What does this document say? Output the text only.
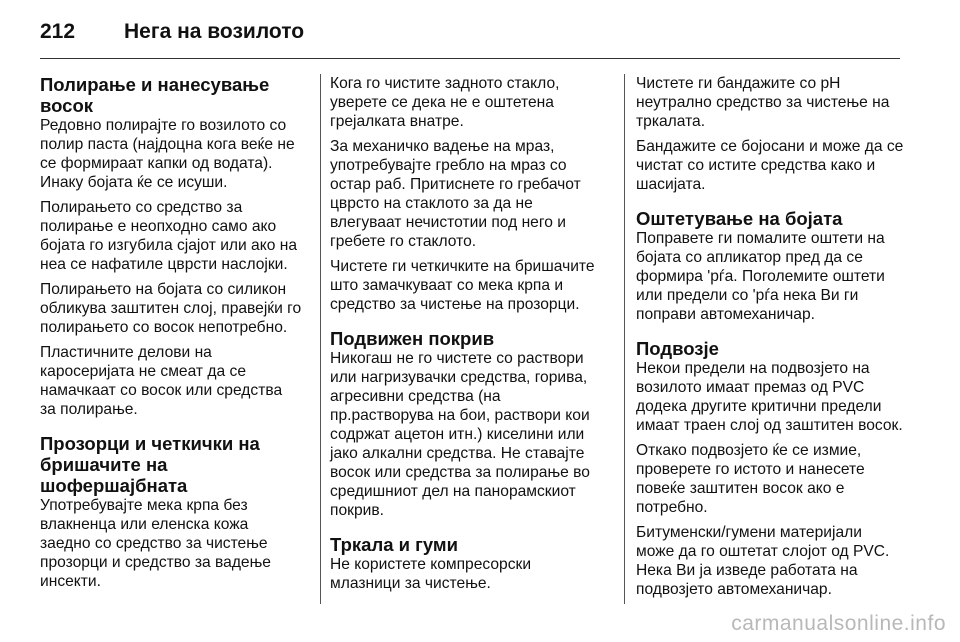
212	Нега на возилото
Полирање и нанесување восок

Редовно полирајте го возилото со полир паста (најдоцна кога веќе не се формираат капки од водата). Инаку бојата ќе се исуши.

Полирањето со средство за полирање е неопходно само ако бојата го изгубила сјајот или ако на неа се нафатиле цврсти наслојки.

Полирањето на бојата со силикон обликува заштитен слој, правејќи го полирањето со восок непотребно.

Пластичните делови на каросеријата не смеат да се намачкаат со восок или средства за полирање.

Прозорци и четкички на бришачите на шофершајбната

Употребувајте мека крпа без влакненца или еленска кожа заедно со средство за чистење прозорци и средство за вадење инсекти.

Кога го чистите задното стакло, уверете се дека не е оштетена грејалката внатре.

За механичко вадење на мраз, употребувајте гребло на мраз со остар раб. Притиснете го гребачот цврсто на стаклото за да не влегуваат нечистотии под него и гребете го стаклото.

Чистете ги четкичките на бришачите што замачкуваат со мека крпа и средство за чистење на прозорци.

Подвижен покрив

Никогаш не го чистете со раствори или нагризувачки средства, горива, агресивни средства (на пр.растворува на бои, раствори кои содржат ацетон итн.) киселини или јако алкални средства. Не ставајте восок или средства за полирање во средишниот дел на панорамскиот покрив.

Тркала и гуми

Не користете компресорски млазници за чистење.

Чистете ги бандажите со pH неутрално средство за чистење на тркалата.

Бандажите се бојосани и може да се чистат со истите средства како и шасијата.

Оштетување на бојата

Поправете ги помалите оштети на бојата со апликатор пред да се формира 'рѓа. Поголемите оштети или предели со 'рѓа нека Ви ги поправи автомеханичар.

Подвозје

Некои предели на подвозјето на возилото имаат премаз од PVC додека другите критични предели имаат траен слој од заштитен восок.

Откако подвозјето ќе се измие, проверете го истото и нанесете повеќе заштитен восок ако е потребно.

Битуменски/гумени материјали може да го оштетат слојот од PVC. Нека Ви ја изведе работата на подвозјето автомеханичар.

carmanualsonline.info
